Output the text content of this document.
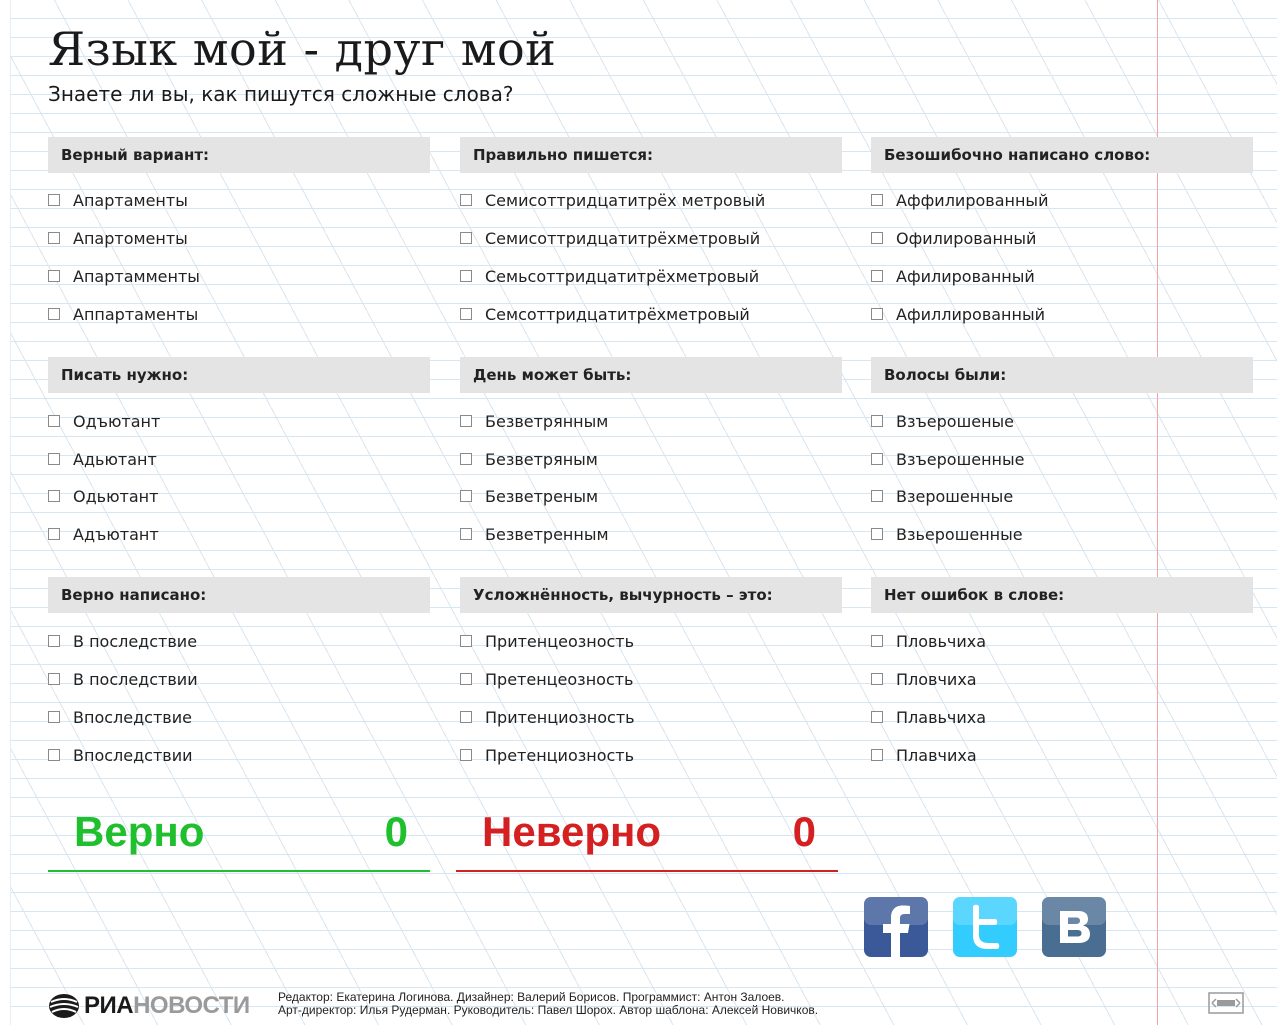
Язык мой - друг мой

Знаете ли вы, как пишутся сложные слова?

Верный вариант:
Апартаменты
Апартоменты
Апартамменты
Аппартаменты
Правильно пишется:
Семисоттридцатитрёх метровый
Семисоттридцатитрёхметровый
Семьсоттридцатитрёхметровый
Семсоттридцатитрёхметровый
Безошибочно написано слово:
Аффилированный
Офилированный
Афилированный
Афиллированный
Писать нужно:
Одъютант
Адьютант
Одьютант
Адъютант
День может быть:
Безветрянным
Безветряным
Безветреным
Безветренным
Волосы были:
Взъерошеные
Взъерошенные
Взерошенные
Взьерошенные
Верно написано:
В последствие
В последствии
Впоследствие
Впоследствии
Усложнённость, вычурность – это:
Притенцеозность
Претенцеозность
Притенциозность
Претенциозность
Нет ошибок в слове:
Пловьчиха
Пловчиха
Плавьчиха
Плавчиха
Верно	0 Неверно	0
РИАНОВОСТИ Редактор: Екатерина Логинова. Дизайнер: Валерий Борисов. Программист: Антон Залоев.
Арт-директор: Илья Рудерман. Руководитель: Павел Шорох. Автор шаблона: Алексей Новичков.
